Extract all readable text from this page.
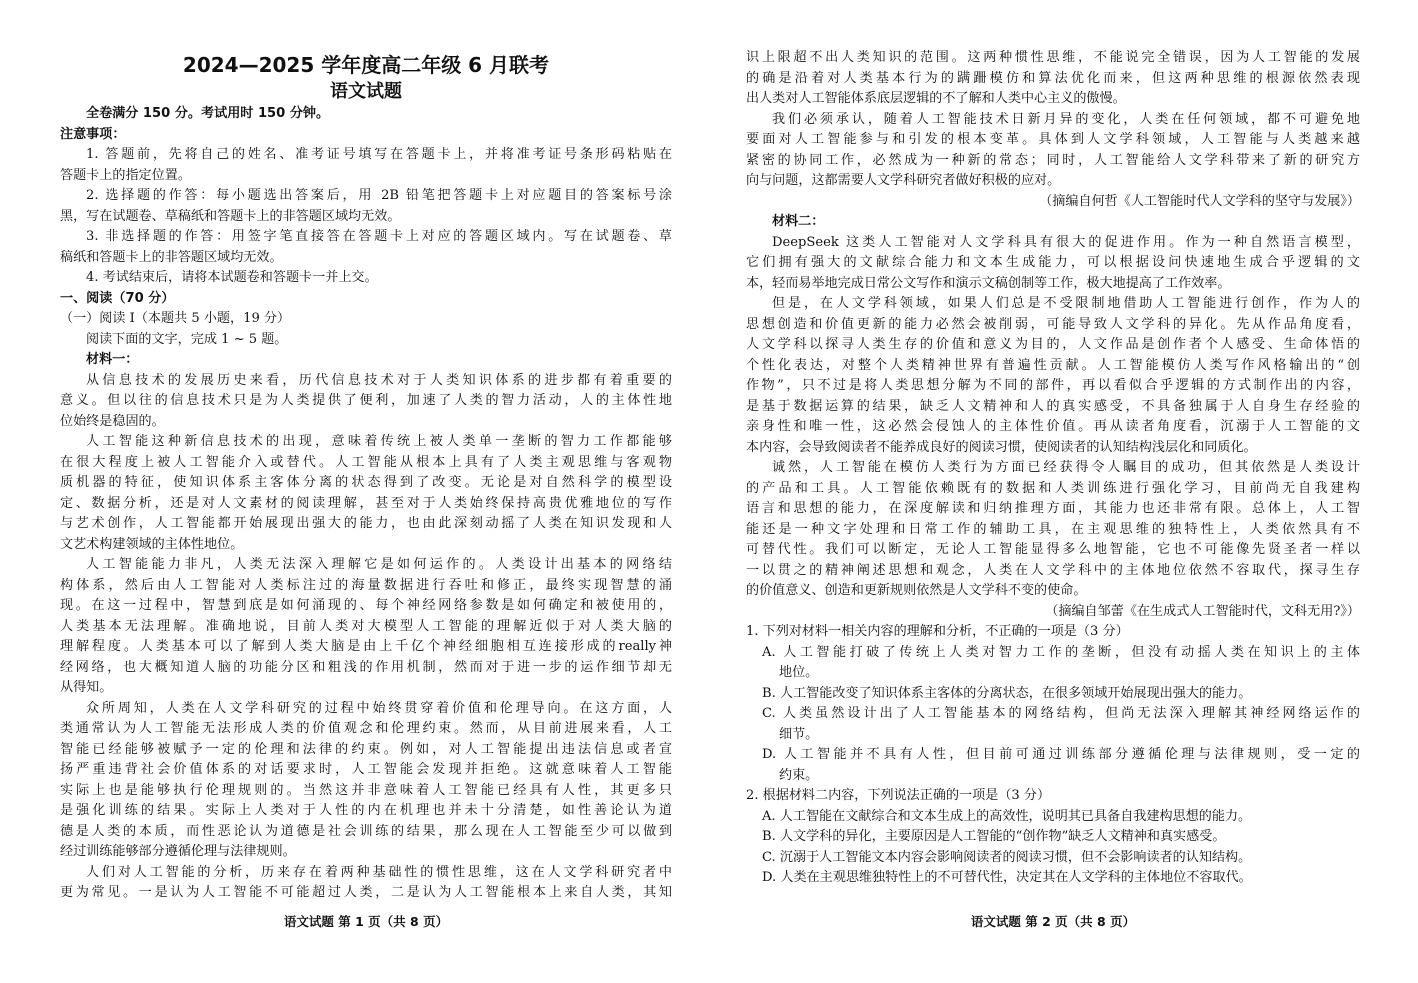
2024—2025 学年度高二年级 6 月联考
语文试题
全卷满分 150 分。考试用时 150 分钟。
注意事项：
1. 答题前，先将自己的姓名、准考证号填写在答题卡上，并将准考证号条形码粘贴在
答题卡上的指定位置。
2. 选择题的作答：每小题选出答案后，用 2B 铅笔把答题卡上对应题目的答案标号涂
黑，写在试题卷、草稿纸和答题卡上的非答题区域均无效。
3. 非选择题的作答：用签字笔直接答在答题卡上对应的答题区域内。写在试题卷、草
稿纸和答题卡上的非答题区域均无效。
4. 考试结束后，请将本试题卷和答题卡一并上交。
一、阅读（70 分）
（一）阅读 Ⅰ（本题共 5 小题，19 分）
阅读下面的文字，完成 1 ~ 5 题。
材料一：
从信息技术的发展历史来看，历代信息技术对于人类知识体系的进步都有着重要的
意义。但以往的信息技术只是为人类提供了便利，加速了人类的智力活动，人的主体性地
位始终是稳固的。
人工智能这种新信息技术的出现，意味着传统上被人类单一垄断的智力工作都能够
在很大程度上被人工智能介入或替代。人工智能从根本上具有了人类主观思维与客观物
质机器的特征，使知识体系主客体分离的状态得到了改变。无论是对自然科学的模型设
定、数据分析，还是对人文素材的阅读理解，甚至对于人类始终保持高贵优雅地位的写作
与艺术创作，人工智能都开始展现出强大的能力，也由此深刻动摇了人类在知识发现和人
文艺术构建领域的主体性地位。
人工智能能力非凡，人类无法深入理解它是如何运作的。人类设计出基本的网络结
构体系，然后由人工智能对人类标注过的海量数据进行吞吐和修正，最终实现智慧的涌
现。在这一过程中，智慧到底是如何涌现的、每个神经网络参数是如何确定和被使用的，
人类基本无法理解。准确地说，目前人类对大模型人工智能的理解近似于对人类大脑的
理解程度。人类基本可以了解到人类大脑是由上千亿个神经细胞相互连接形成的really神
经网络，也大概知道人脑的功能分区和粗浅的作用机制，然而对于进一步的运作细节却无
从得知。
众所周知，人类在人文学科研究的过程中始终贯穿着价值和伦理导向。在这方面，人
类通常认为人工智能无法形成人类的价值观念和伦理约束。然而，从目前进展来看，人工
智能已经能够被赋予一定的伦理和法律的约束。例如，对人工智能提出违法信息或者宣
扬严重违背社会价值体系的对话要求时，人工智能会发现并拒绝。这就意味着人工智能
实际上也是能够执行伦理规则的。当然这并非意味着人工智能已经具有人性，其更多只
是强化训练的结果。实际上人类对于人性的内在机理也并未十分清楚，如性善论认为道
德是人类的本质，而性恶论认为道德是社会训练的结果，那么现在人工智能至少可以做到
经过训练能够部分遵循伦理与法律规则。
人们对人工智能的分析，历来存在着两种基础性的惯性思维，这在人文学科研究者中
更为常见。一是认为人工智能不可能超过人类，二是认为人工智能根本上来自人类，其知
语文试题 第 1 页（共 8 页）
识上限超不出人类知识的范围。这两种惯性思维，不能说完全错误，因为人工智能的发展
的确是沿着对人类基本行为的蹒跚模仿和算法优化而来，但这两种思维的根源依然表现
出人类对人工智能体系底层逻辑的不了解和人类中心主义的傲慢。
我们必须承认，随着人工智能技术日新月异的变化，人类在任何领域，都不可避免地
要面对人工智能参与和引发的根本变革。具体到人文学科领域，人工智能与人类越来越
紧密的协同工作，必然成为一种新的常态；同时，人工智能给人文学科带来了新的研究方
向与问题，这都需要人文学科研究者做好积极的应对。
（摘编自何哲《人工智能时代人文学科的坚守与发展》）
材料二：
DeepSeek 这类人工智能对人文学科具有很大的促进作用。作为一种自然语言模型，
它们拥有强大的文献综合能力和文本生成能力，可以根据设问快速地生成合乎逻辑的文
本，轻而易举地完成日常公文写作和演示文稿创制等工作，极大地提高了工作效率。
但是，在人文学科领域，如果人们总是不受限制地借助人工智能进行创作，作为人的
思想创造和价值更新的能力必然会被削弱，可能导致人文学科的异化。先从作品角度看，
人文学科以探寻人类生存的价值和意义为目的，人文作品是创作者个人感受、生命体悟的
个性化表达，对整个人类精神世界有普遍性贡献。人工智能模仿人类写作风格输出的“创
作物”，只不过是将人类思想分解为不同的部件，再以看似合乎逻辑的方式制作出的内容，
是基于数据运算的结果，缺乏人文精神和人的真实感受，不具备独属于人自身生存经验的
亲身性和唯一性，这必然会侵蚀人的主体性价值。再从读者角度看，沉溺于人工智能的文
本内容，会导致阅读者不能养成良好的阅读习惯，使阅读者的认知结构浅层化和同质化。
诚然，人工智能在模仿人类行为方面已经获得令人瞩目的成功，但其依然是人类设计
的产品和工具。人工智能依赖既有的数据和人类训练进行强化学习，目前尚无自我建构
语言和思想的能力，在深度解读和归纳推理方面，其能力也还非常有限。总体上，人工智
能还是一种文字处理和日常工作的辅助工具，在主观思维的独特性上，人类依然具有不
可替代性。我们可以断定，无论人工智能显得多么地智能，它也不可能像先贤圣者一样以
一以贯之的精神阐述思想和观念，人类在人文学科中的主体地位依然不容取代，探寻生存
的价值意义、创造和更新规则依然是人文学科不变的使命。
（摘编自邹蕾《在生成式人工智能时代，文科无用?》）
1. 下列对材料一相关内容的理解和分析，不正确的一项是（3 分）
A. 人工智能打破了传统上人类对智力工作的垄断，但没有动摇人类在知识上的主体
地位。
B. 人工智能改变了知识体系主客体的分离状态，在很多领域开始展现出强大的能力。
C. 人类虽然设计出了人工智能基本的网络结构，但尚无法深入理解其神经网络运作的
细节。
D. 人工智能并不具有人性，但目前可通过训练部分遵循伦理与法律规则，受一定的
约束。
2. 根据材料二内容，下列说法正确的一项是（3 分）
A. 人工智能在文献综合和文本生成上的高效性，说明其已具备自我建构思想的能力。
B. 人文学科的异化，主要原因是人工智能的“创作物”缺乏人文精神和真实感受。
C. 沉溺于人工智能文本内容会影响阅读者的阅读习惯，但不会影响读者的认知结构。
D. 人类在主观思维独特性上的不可替代性，决定其在人文学科的主体地位不容取代。
语文试题 第 2 页（共 8 页）
